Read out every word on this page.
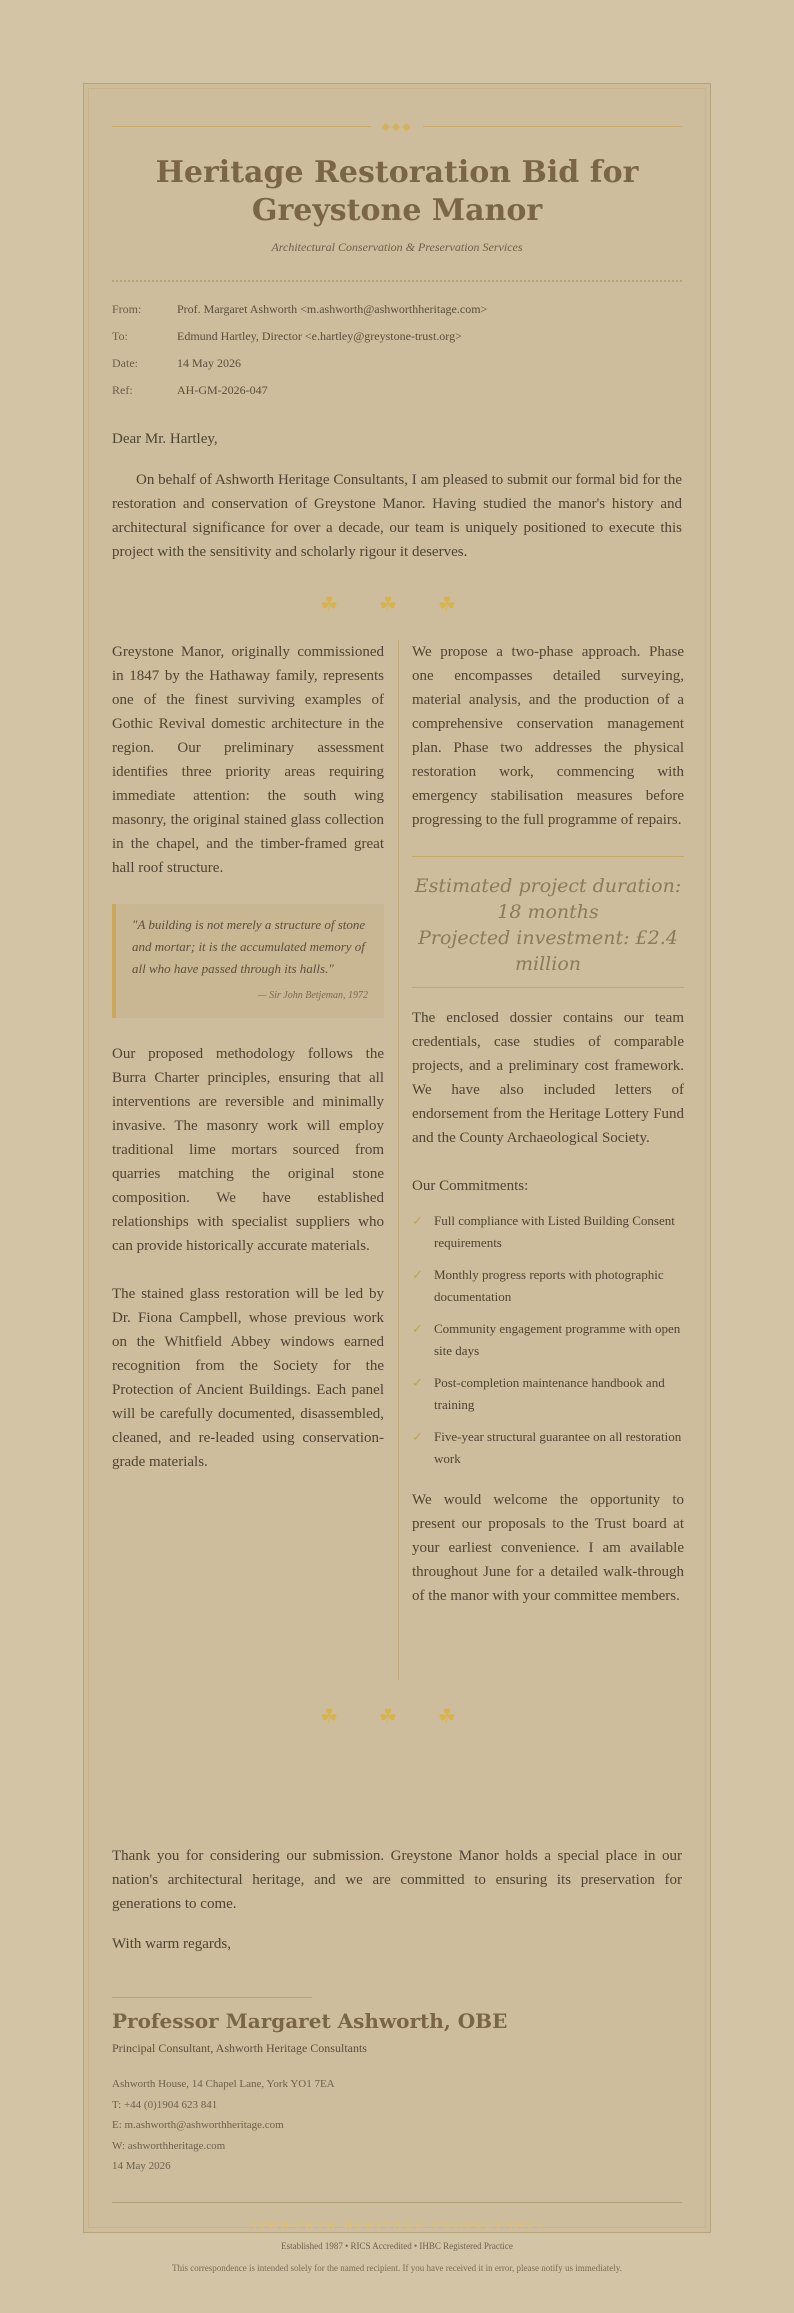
◆◆◆
Heritage Restoration Bid for Greystone Manor
Architectural Conservation & Preservation Services
From:	Prof. Margaret Ashworth <m.ashworth@ashworthheritage.com>
To:	Edmund Hartley, Director <e.hartley@greystone-trust.org>
Date:	14 May 2026
Ref:	AH-GM-2026-047
Dear Mr. Hartley,

On behalf of Ashworth Heritage Consultants, I am pleased to submit our formal bid for the restoration and conservation of Greystone Manor. Having studied the manor's history and architectural significance for over a decade, our team is uniquely positioned to execute this project with the sensitivity and scholarly rigour it deserves.

☘ ☘ ☘

Greystone Manor, originally commissioned in 1847 by the Hathaway family, represents one of the finest surviving examples of Gothic Revival domestic architecture in the region. Our preliminary assessment identifies three priority areas requiring immediate attention: the south wing masonry, the original stained glass collection in the chapel, and the timber-framed great hall roof structure.

"A building is not merely a structure of stone and mortar; it is the accumulated memory of all who have passed through its halls."
— Sir John Betjeman, 1972

Our proposed methodology follows the Burra Charter principles, ensuring that all interventions are reversible and minimally invasive. The masonry work will employ traditional lime mortars sourced from quarries matching the original stone composition. We have established relationships with specialist suppliers who can provide historically accurate materials.

The stained glass restoration will be led by Dr. Fiona Campbell, whose previous work on the Whitfield Abbey windows earned recognition from the Society for the Protection of Ancient Buildings. Each panel will be carefully documented, disassembled, cleaned, and re-leaded using conservation-grade materials.

We propose a two-phase approach. Phase one encompasses detailed surveying, material analysis, and the production of a comprehensive conservation management plan. Phase two addresses the physical restoration work, commencing with emergency stabilisation measures before progressing to the full programme of repairs.

Estimated project duration: 18 months
Projected investment: £2.4 million

The enclosed dossier contains our team credentials, case studies of comparable projects, and a preliminary cost framework. We have also included letters of endorsement from the Heritage Lottery Fund and the County Archaeological Society.

Our Commitments:
✓ Full compliance with Listed Building Consent requirements
✓ Monthly progress reports with photographic documentation
✓ Community engagement programme with open site days
✓ Post-completion maintenance handbook and training
✓ Five-year structural guarantee on all restoration work

We would welcome the opportunity to present our proposals to the Trust board at your earliest convenience. I am available throughout June for a detailed walk-through of the manor with your committee members.

☘ ☘ ☘

Thank you for considering our submission. Greystone Manor holds a special place in our nation's architectural heritage, and we are committed to ensuring its preservation for generations to come.

With warm regards,
Professor Margaret Ashworth, OBE
Principal Consultant, Ashworth Heritage Consultants
Ashworth House, 14 Chapel Lane, York YO1 7EA
T: +44 (0)1904 623 841
E: m.ashworth@ashworthheritage.com
W: ashworthheritage.com
14 May 2026
ASHWORTH HERITAGE CONSULTANTS
Established 1987 • RICS Accredited • IHBC Registered Practice
This correspondence is intended solely for the named recipient. If you have received it in error, please notify us immediately.
